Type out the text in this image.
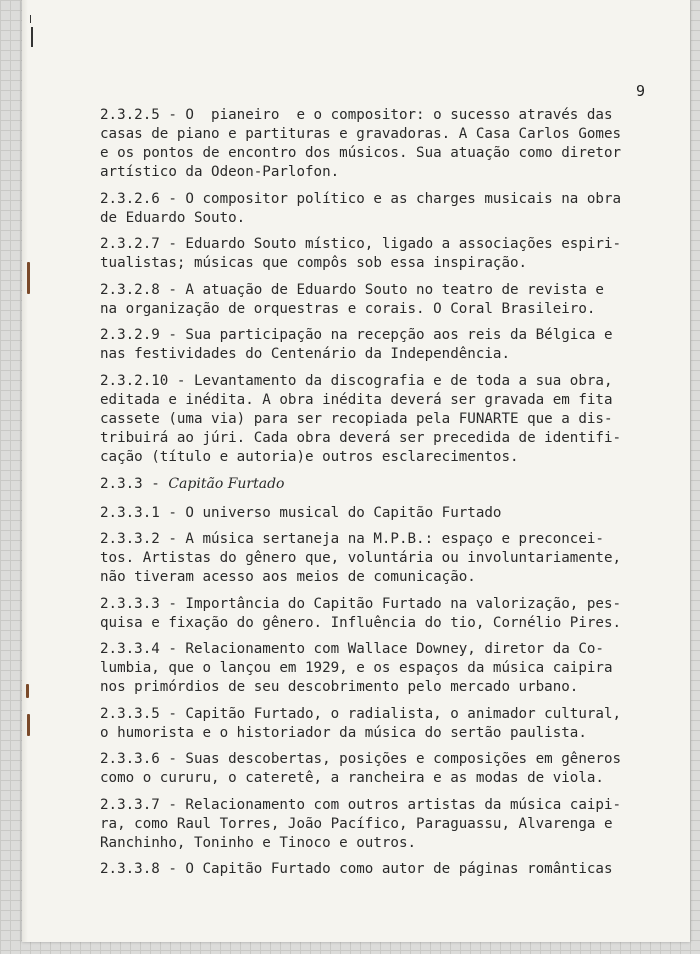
9
2.3.2.5 - O  pianeiro  e o compositor: o sucesso através das
casas de piano e partituras e gravadoras. A Casa Carlos Gomes
e os pontos de encontro dos músicos. Sua atuação como diretor
artístico da Odeon-Parlofon.
2.3.2.6 - O compositor político e as charges musicais na obra
de Eduardo Souto.
2.3.2.7 - Eduardo Souto místico, ligado a associações espiri-
tualistas; músicas que compôs sob essa inspiração.
2.3.2.8 - A atuação de Eduardo Souto no teatro de revista e
na organização de orquestras e corais. O Coral Brasileiro.
2.3.2.9 - Sua participação na recepção aos reis da Bélgica e
nas festividades do Centenário da Independência.
2.3.2.10 - Levantamento da discografia e de toda a sua obra,
editada e inédita. A obra inédita deverá ser gravada em fita
cassete (uma via) para ser recopiada pela FUNARTE que a dis-
tribuirá ao júri. Cada obra deverá ser precedida de identifi-
cação (título e autoria)e outros esclarecimentos.
2.3.3 - Capitão Furtado
2.3.3.1 - O universo musical do Capitão Furtado
2.3.3.2 - A música sertaneja na M.P.B.: espaço e preconcei-
tos. Artistas do gênero que, voluntária ou involuntariamente,
não tiveram acesso aos meios de comunicação.
2.3.3.3 - Importância do Capitão Furtado na valorização, pes-
quisa e fixação do gênero. Influência do tio, Cornélio Pires.
2.3.3.4 - Relacionamento com Wallace Downey, diretor da Co-
lumbia, que o lançou em 1929, e os espaços da música caipira
nos primórdios de seu descobrimento pelo mercado urbano.
2.3.3.5 - Capitão Furtado, o radialista, o animador cultural,
o humorista e o historiador da música do sertão paulista.
2.3.3.6 - Suas descobertas, posições e composições em gêneros
como o cururu, o cateretê, a rancheira e as modas de viola.
2.3.3.7 - Relacionamento com outros artistas da música caipi-
ra, como Raul Torres, João Pacífico, Paraguassu, Alvarenga e
Ranchinho, Toninho e Tinoco e outros.
2.3.3.8 - O Capitão Furtado como autor de páginas românticas
